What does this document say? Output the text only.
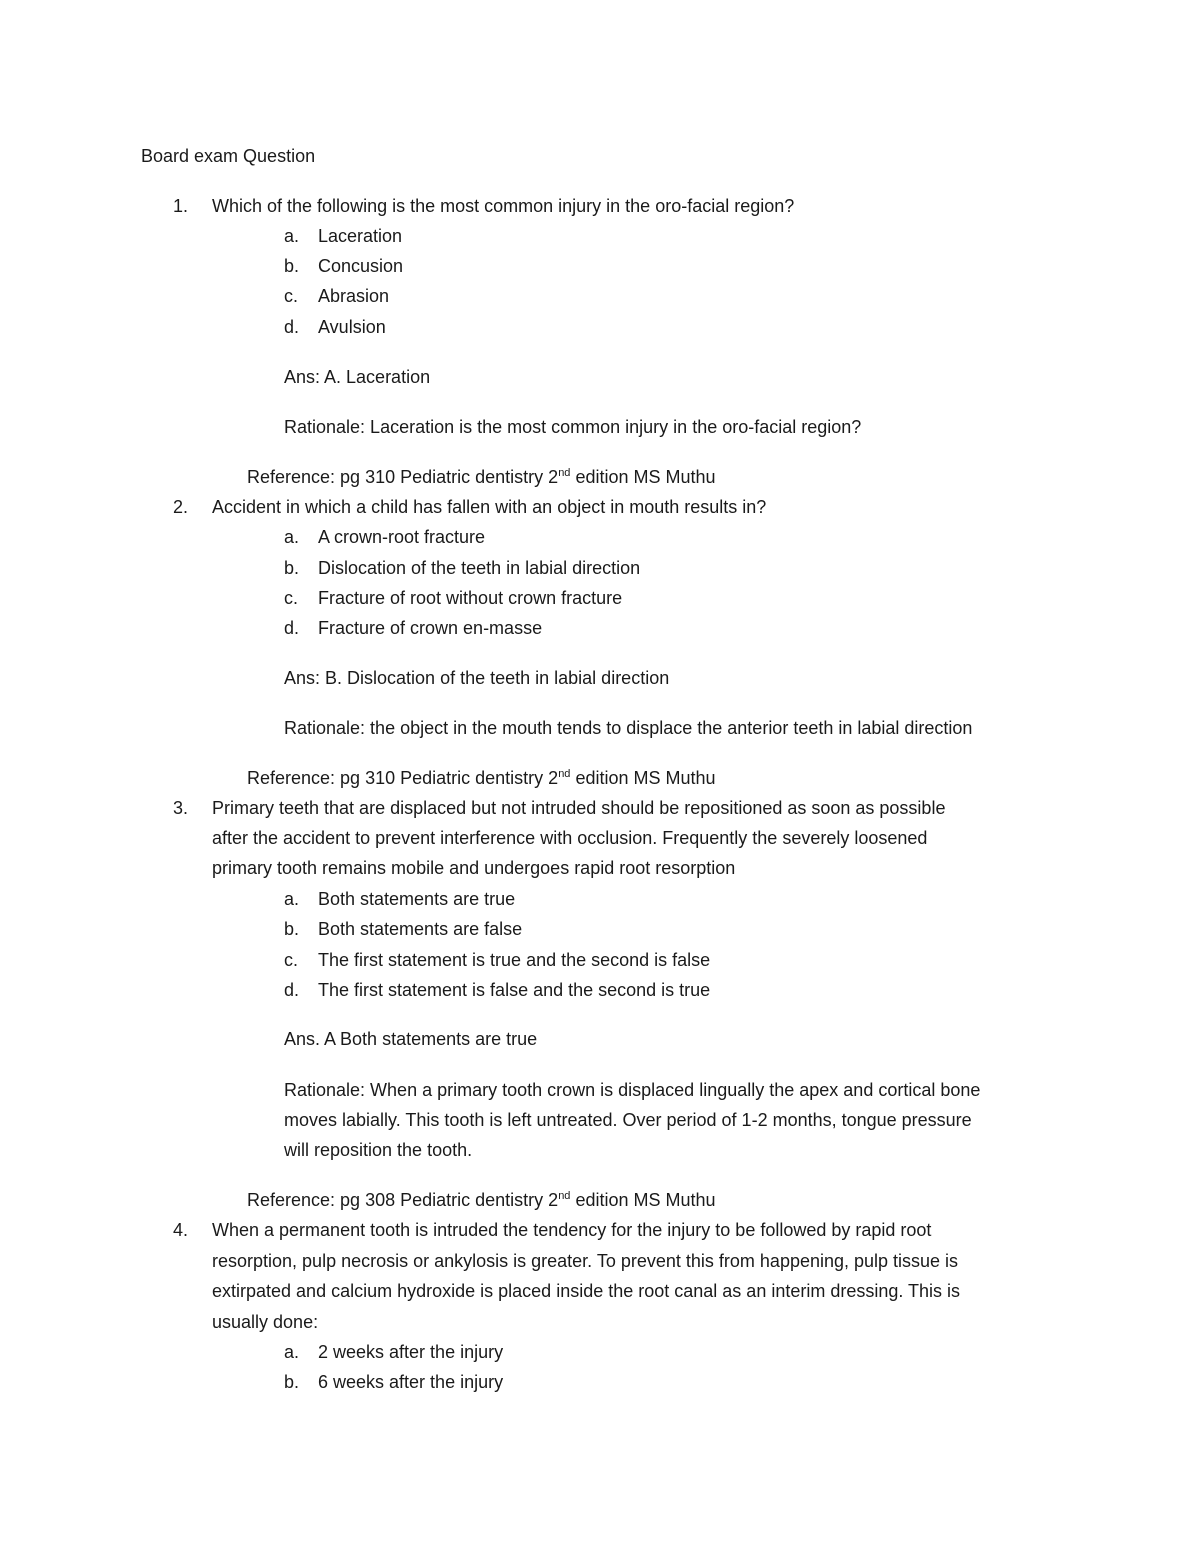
Board exam Question
1. Which of the following is the most common injury in the oro-facial region?
a. Laceration
b. Concusion
c. Abrasion
d. Avulsion
Ans: A. Laceration
Rationale: Laceration is the most common injury in the oro-facial region?
Reference: pg 310 Pediatric dentistry 2nd edition MS Muthu
2. Accident in which a child has fallen with an object in mouth results in?
a. A crown-root fracture
b. Dislocation of the teeth in labial direction
c. Fracture of root without crown fracture
d. Fracture of crown en-masse
Ans: B. Dislocation of the teeth in labial direction
Rationale: the object in the mouth tends to displace the anterior teeth in labial direction
Reference: pg 310 Pediatric dentistry 2nd edition MS Muthu
3. Primary teeth that are displaced but not intruded should be repositioned as soon as possible
after the accident to prevent interference with occlusion. Frequently the severely loosened
primary tooth remains mobile and undergoes rapid root resorption
a. Both statements are true
b. Both statements are false
c. The first statement is true and the second is false
d. The first statement is false and the second is true
Ans. A Both statements are true
Rationale: When a primary tooth crown is displaced lingually the apex and cortical bone
moves labially. This tooth is left untreated. Over period of 1-2 months, tongue pressure
will reposition the tooth.
Reference: pg 308 Pediatric dentistry 2nd edition MS Muthu
4. When a permanent tooth is intruded the tendency for the injury to be followed by rapid root
resorption, pulp necrosis or ankylosis is greater. To prevent this from happening, pulp tissue is
extirpated and calcium hydroxide is placed inside the root canal as an interim dressing. This is
usually done:
a. 2 weeks after the injury
b. 6 weeks after the injury
